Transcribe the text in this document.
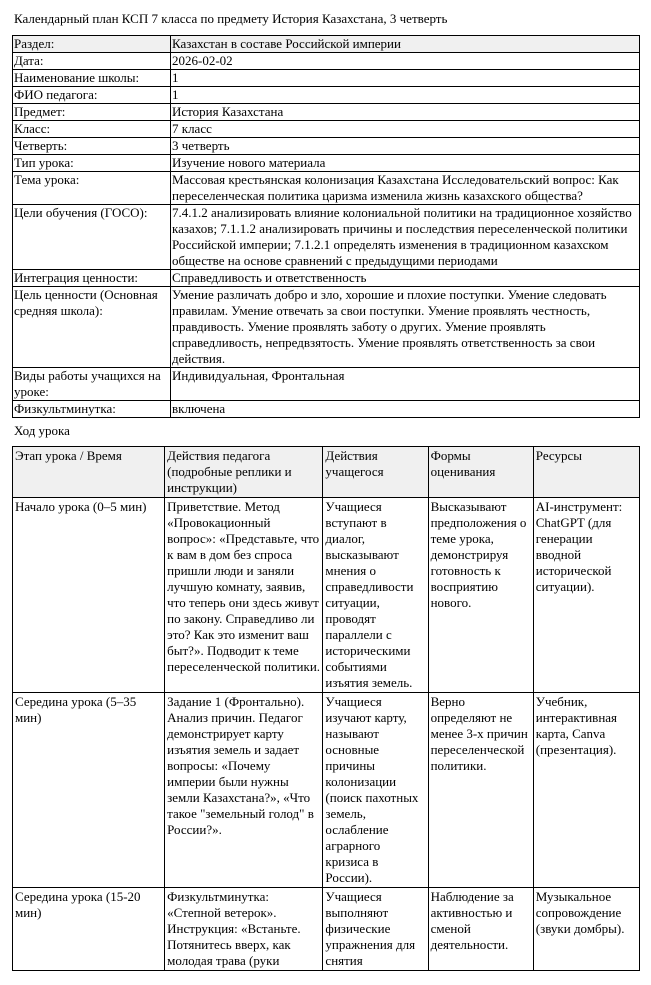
Календарный план КСП 7 класса по предмету История Казахстана, 3 четверть
Раздел:	Казахстан в составе Российской империи
Дата:	2026-02-02
Наименование школы:	1
ФИО педагога:	1
Предмет:	История Казахстана
Класс:	7 класс
Четверть:	3 четверть
Тип урока:	Изучение нового материала
Тема урока:	Массовая крестьянская колонизация Казахстана Исследовательский вопрос: Как переселенческая политика царизма изменила жизнь казахского общества?
Цели обучения (ГОСО):	7.4.1.2 анализировать влияние колониальной политики на традиционное хозяйство казахов; 7.1.1.2 анализировать причины и последствия переселенческой политики Российской империи; 7.1.2.1 определять изменения в традиционном казахском обществе на основе сравнений с предыдущими периодами
Интеграция ценности:	Справедливость и ответственность
Цель ценности (Основная средняя школа):	Умение различать добро и зло, хорошие и плохие поступки. Умение следовать правилам. Умение отвечать за свои поступки. Умение проявлять честность, правдивость. Умение проявлять заботу о других. Умение проявлять справедливость, непредвзятость. Умение проявлять ответственность за свои действия.
Виды работы учащихся на уроке:	Индивидуальная, Фронтальная
Физкультминутка:	включена
Ход урока
Этап урока / Время	Действия педагога (подробные реплики и инструкции)	Действия учащегося	Формы оценивания	Ресурсы
Начало урока (0–5 мин)	Приветствие. Метод «Провокационный вопрос»: «Представьте, что к вам в дом без спроса пришли люди и заняли лучшую комнату, заявив, что теперь они здесь живут по закону. Справедливо ли это? Как это изменит ваш быт?». Подводит к теме переселенческой политики.	Учащиеся вступают в диалог, высказывают мнения о справедливости ситуации, проводят параллели с историческими событиями изъятия земель.	Высказывают предположения о теме урока, демонстрируя готовность к восприятию нового.	AI-инструмент: ChatGPT (для генерации вводной исторической ситуации).
Середина урока (5–35 мин)	Задание 1 (Фронтально). Анализ причин. Педагог демонстрирует карту изъятия земель и задает вопросы: «Почему империи были нужны земли Казахстана?», «Что такое "земельный голод" в России?».	Учащиеся изучают карту, называют основные причины колонизации (поиск пахотных земель, ослабление аграрного кризиса в России).	Верно определяют не менее 3-х причин переселенческой политики.	Учебник, интерактивная карта, Canva (презентация).
Середина урока (15-20 мин)	Физкультминутка: «Степной ветерок». Инструкция: «Встаньте. Потянитесь вверх, как молодая трава (руки	Учащиеся выполняют физические упражнения для снятия	Наблюдение за активностью и сменой деятельности.	Музыкальное сопровождение (звуки домбры).
